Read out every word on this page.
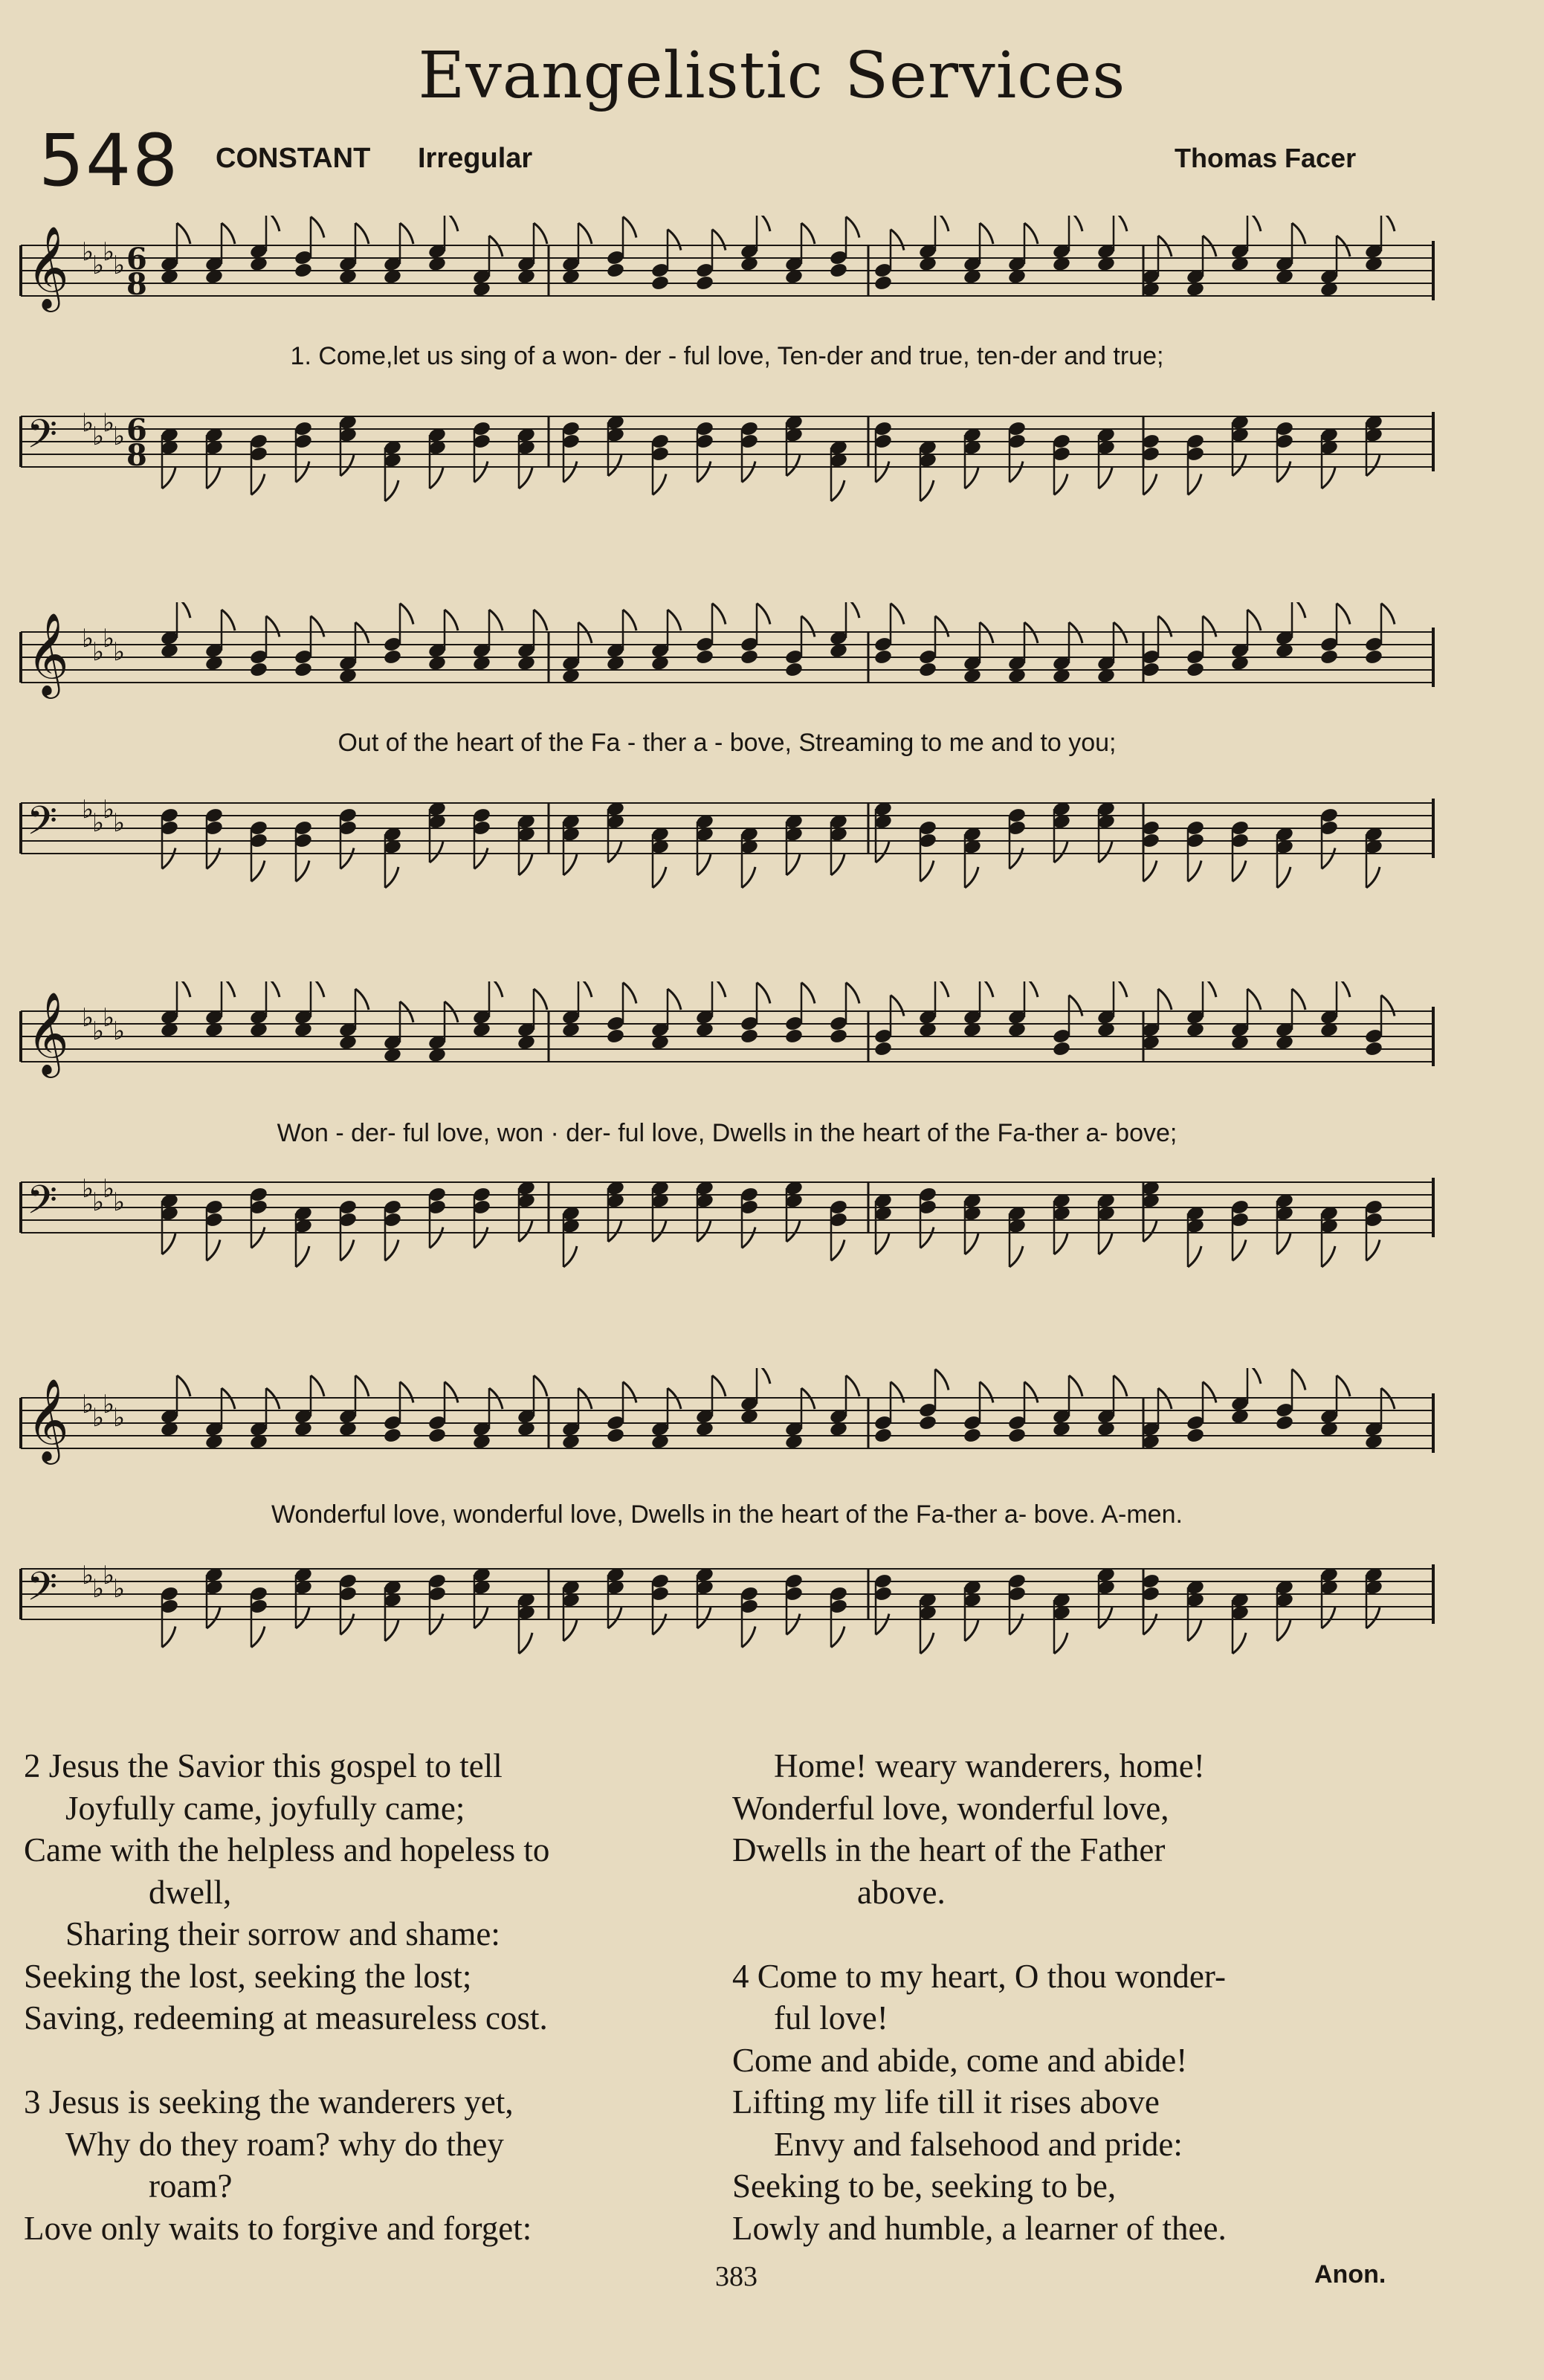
Evangelistic Services
548 CONSTANT Irregular	Thomas Facer
𝄞 ♭
♭
♭
♭ 6
8
1. Come,let us sing of a won- der - ful love, Ten-der and true, ten-der and true;
𝄢 ♭
♭
♭
♭ 6
8
𝄞 ♭
♭
♭
♭
Out of the heart of the Fa - ther a - bove, Streaming to me and to you;
𝄢 ♭
♭
♭
♭
𝄞 ♭
♭
♭
♭
Won - der- ful love, won · der- ful love, Dwells in the heart of the Fa-ther a- bove;
𝄢 ♭
♭
♭
♭
𝄞 ♭
♭
♭
♭
Wonderful love, wonderful love, Dwells in the heart of the Fa-ther a- bove. A-men.
𝄢 ♭
♭
♭
♭
2 Jesus the Savior this gospel to tell
Joyfully came, joyfully came;
Came with the helpless and hopeless to
dwell,
Sharing their sorrow and shame:
Seeking the lost, seeking the lost;
Saving, redeeming at measureless cost.

3 Jesus is seeking the wanderers yet,
Why do they roam? why do they
roam?
Love only waits to forgive and forget:
Home! weary wanderers, home!
Wonderful love, wonderful love,
Dwells in the heart of the Father
above.

4 Come to my heart, O thou wonder-
ful love!
Come and abide, come and abide!
Lifting my life till it rises above
Envy and falsehood and pride:
Seeking to be, seeking to be,
Lowly and humble, a learner of thee.
383	Anon.
